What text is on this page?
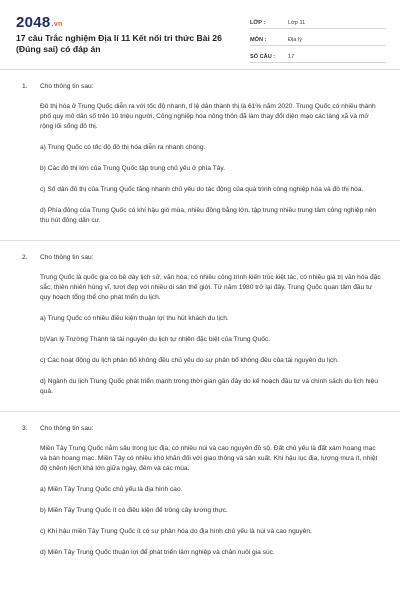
2048.vn
17 câu Trắc nghiệm Địa lí 11 Kết nối tri thức Bài 26 (Đúng sai) có đáp án
LỚP :	Lớp 11
MÔN :	Địa lý
SỐ CÂU :	17
1.	Cho thông tin sau:
Đô thị hóa ở Trung Quốc diễn ra với tốc độ nhanh, tỉ lệ dân thành thị là 61% năm 2020. Trung Quốc có nhiều thành phố quy mô dân số trên 10 triệu người. Công nghiệp hóa nông thôn đã làm thay đổi diện mạo các làng xã và mở rộng lối sống đô thị.
a) Trung Quốc có tốc độ đô thị hóa diễn ra nhanh chóng.
b) Các đô thị lớn của Trung Quốc tập trung chủ yếu ở phía Tây.
c) Số dân đô thị của Trung Quốc tăng nhanh chủ yếu do tác động của quá trình công nghiệp hóa và đô thị hóa.
d) Phía đông của Trung Quốc có khí hậu gió mùa, nhiều đồng bằng lớn, tập trung nhiều trung tâm công nghiệp nên thu hút đông dân cư.
2.	Cho thông tin sau:
Trung Quốc là quốc gia có bề dày lịch sử, văn hóa; có nhiều công trình kiến trúc kiệt tác, có nhiều giá trị văn hóa đặc sắc; thiên nhiên hùng vĩ, tươi đẹp với nhiều di sản thế giới. Từ năm 1980 trở lại đây, Trung Quốc quan tâm đầu tư quy hoạch tổng thể cho phát triển du lịch.
a) Trung Quốc có nhiều điều kiện thuận lợi thu hút khách du lịch.
b)Vạn lý Trường Thành là tài nguyên du lịch tự nhiên đặc biệt của Trung Quốc.
c) Các hoạt động du lịch phân bố không đều chủ yếu do sự phân bố không đều của tài nguyên du lịch.
d) Ngành du lịch Trung Quốc phát triển mạnh trong thời gian gần đây do kế hoạch đầu tư và chính sách du lịch hiệu quả.
3.	Cho thông tin sau:
Miền Tây Trung Quốc nằm sâu trong lục địa, có nhiều núi và cao nguyên đồ sộ. Đất chủ yếu là đất xám hoang mạc và bán hoang mạc. Miền Tây có nhiều khó khăn đối với giao thông và sản xuất. Khí hậu lục địa, lượng mưa ít, nhiệt độ chênh lệch khá lớn giữa ngày, đêm và các mùa.
a) Miền Tây Trung Quốc chủ yếu là địa hình cao.
b) Miền Tây Trung Quốc ít có điều kiện để trồng cây lương thực.
c) Khí hậu miền Tây Trung Quốc ít có sự phân hóa do địa hình chủ yếu là núi và cao nguyên.
d) Miền Tây Trung Quốc thuận lợi để phát triển lâm nghiệp và chăn nuôi gia súc.
